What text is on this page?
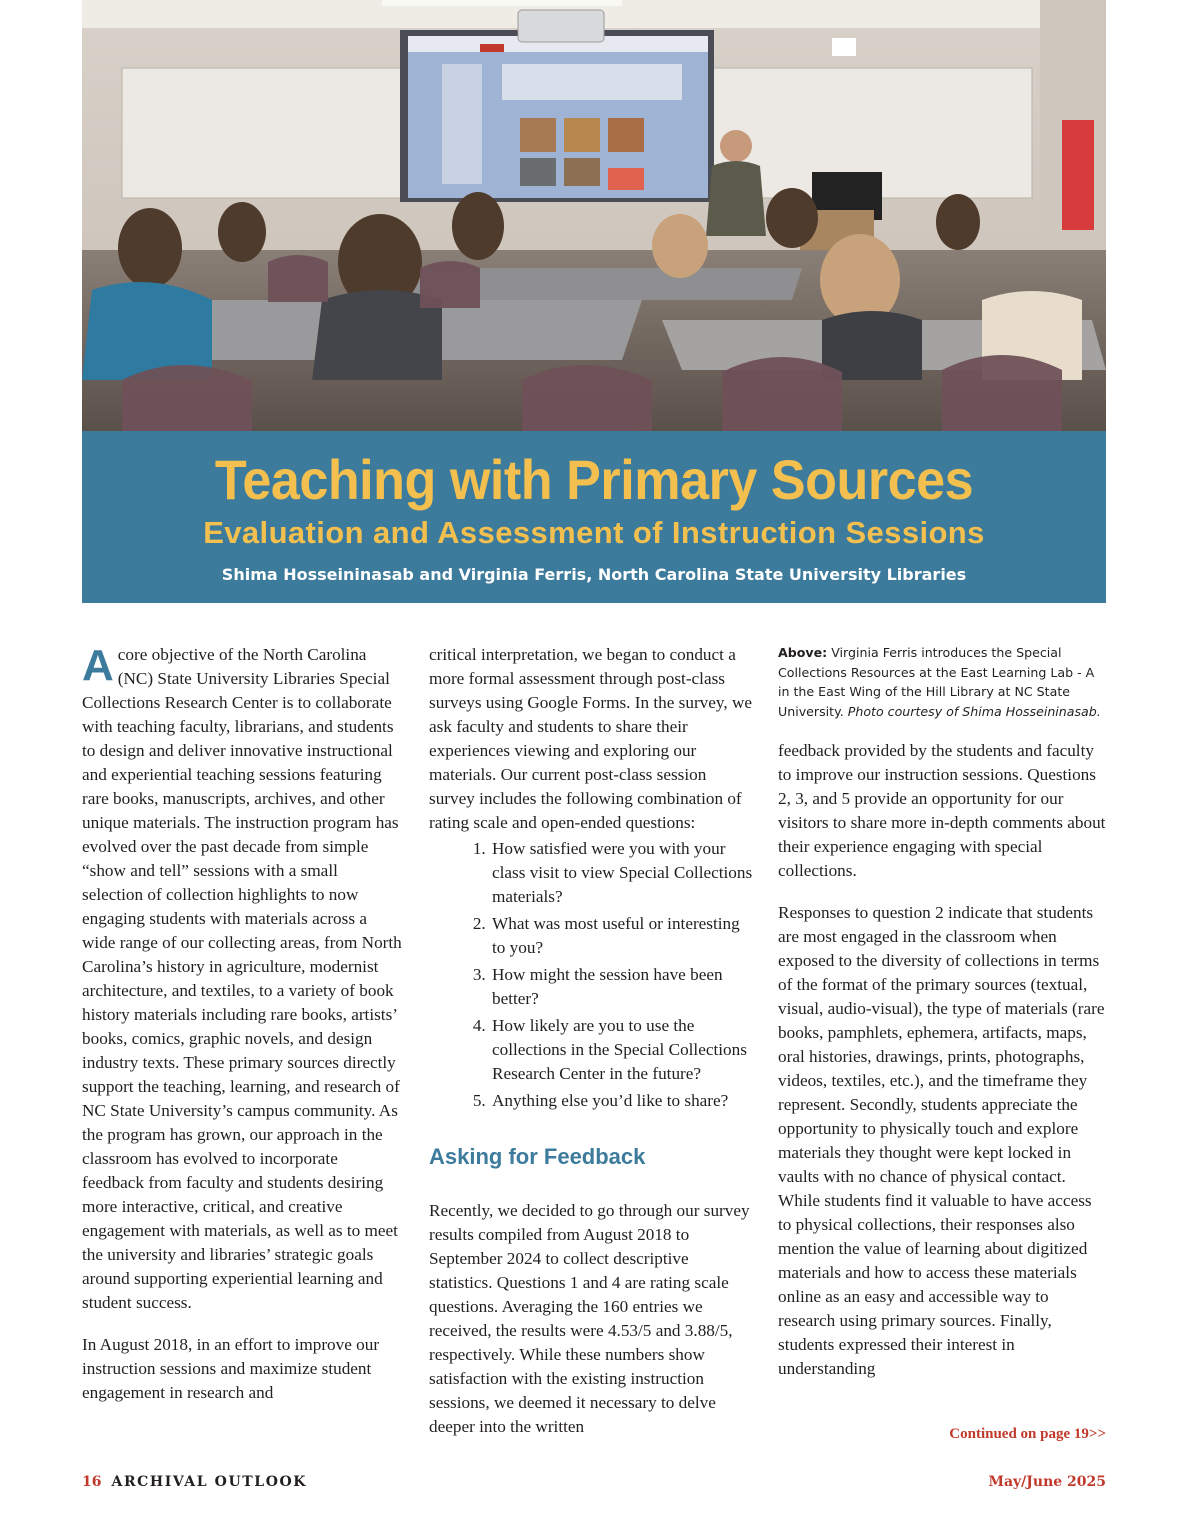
Teaching with Primary Sources
Evaluation and Assessment of Instruction Sessions
Shima Hosseininasab and Virginia Ferris, North Carolina State University Libraries

A core objective of the North Carolina (NC) State University Libraries Special Collections Research Center is to collaborate with teaching faculty, librarians, and students to design and deliver innovative instructional and experiential teaching sessions featuring rare books, manuscripts, archives, and other unique materials. The instruction program has evolved over the past decade from simple “show and tell” sessions with a small selection of collection highlights to now engaging students with materials across a wide range of our collecting areas, from North Carolina’s history in agriculture, modernist architecture, and textiles, to a variety of book history materials including rare books, artists’ books, comics, graphic novels, and design industry texts. These primary sources directly support the teaching, learning, and research of NC State University’s campus community. As the program has grown, our approach in the classroom has evolved to incorporate feedback from faculty and students desiring more interactive, critical, and creative engagement with materials, as well as to meet the university and libraries’ strategic goals around supporting experiential learning and student success.

In August 2018, in an effort to improve our instruction sessions and maximize student engagement in research and

critical interpretation, we began to conduct a more formal assessment through post-class surveys using Google Forms. In the survey, we ask faculty and students to share their experiences viewing and exploring our materials. Our current post-class session survey includes the following combination of rating scale and open-ended questions:

1. How satisfied were you with your class visit to view Special Collections materials?
2. What was most useful or interesting to you?
3. How might the session have been better?
4. How likely are you to use the collections in the Special Collections Research Center in the future?
5. Anything else you’d like to share?
Asking for Feedback

Recently, we decided to go through our survey results compiled from August 2018 to September 2024 to collect descriptive statistics. Questions 1 and 4 are rating scale questions. Averaging the 160 entries we received, the results were 4.53/5 and 3.88/5, respectively. While these numbers show satisfaction with the existing instruction sessions, we deemed it necessary to delve deeper into the written

Above: Virginia Ferris introduces the Special Collections Resources at the East Learning Lab - A in the East Wing of the Hill Library at NC State University. Photo courtesy of Shima Hosseininasab.

feedback provided by the students and faculty to improve our instruction sessions. Questions 2, 3, and 5 provide an opportunity for our visitors to share more in-depth comments about their experience engaging with special collections.

Responses to question 2 indicate that students are most engaged in the classroom when exposed to the diversity of collections in terms of the format of the primary sources (textual, visual, audio-visual), the type of materials (rare books, pamphlets, ephemera, artifacts, maps, oral histories, drawings, prints, photographs, videos, textiles, etc.), and the timeframe they represent. Secondly, students appreciate the opportunity to physically touch and explore materials they thought were kept locked in vaults with no chance of physical contact. While students find it valuable to have access to physical collections, their responses also mention the value of learning about digitized materials and how to access these materials online as an easy and accessible way to research using primary sources. Finally, students expressed their interest in understanding

Continued on page 19>>
16 ARCHIVAL OUTLOOK	May/June 2025
